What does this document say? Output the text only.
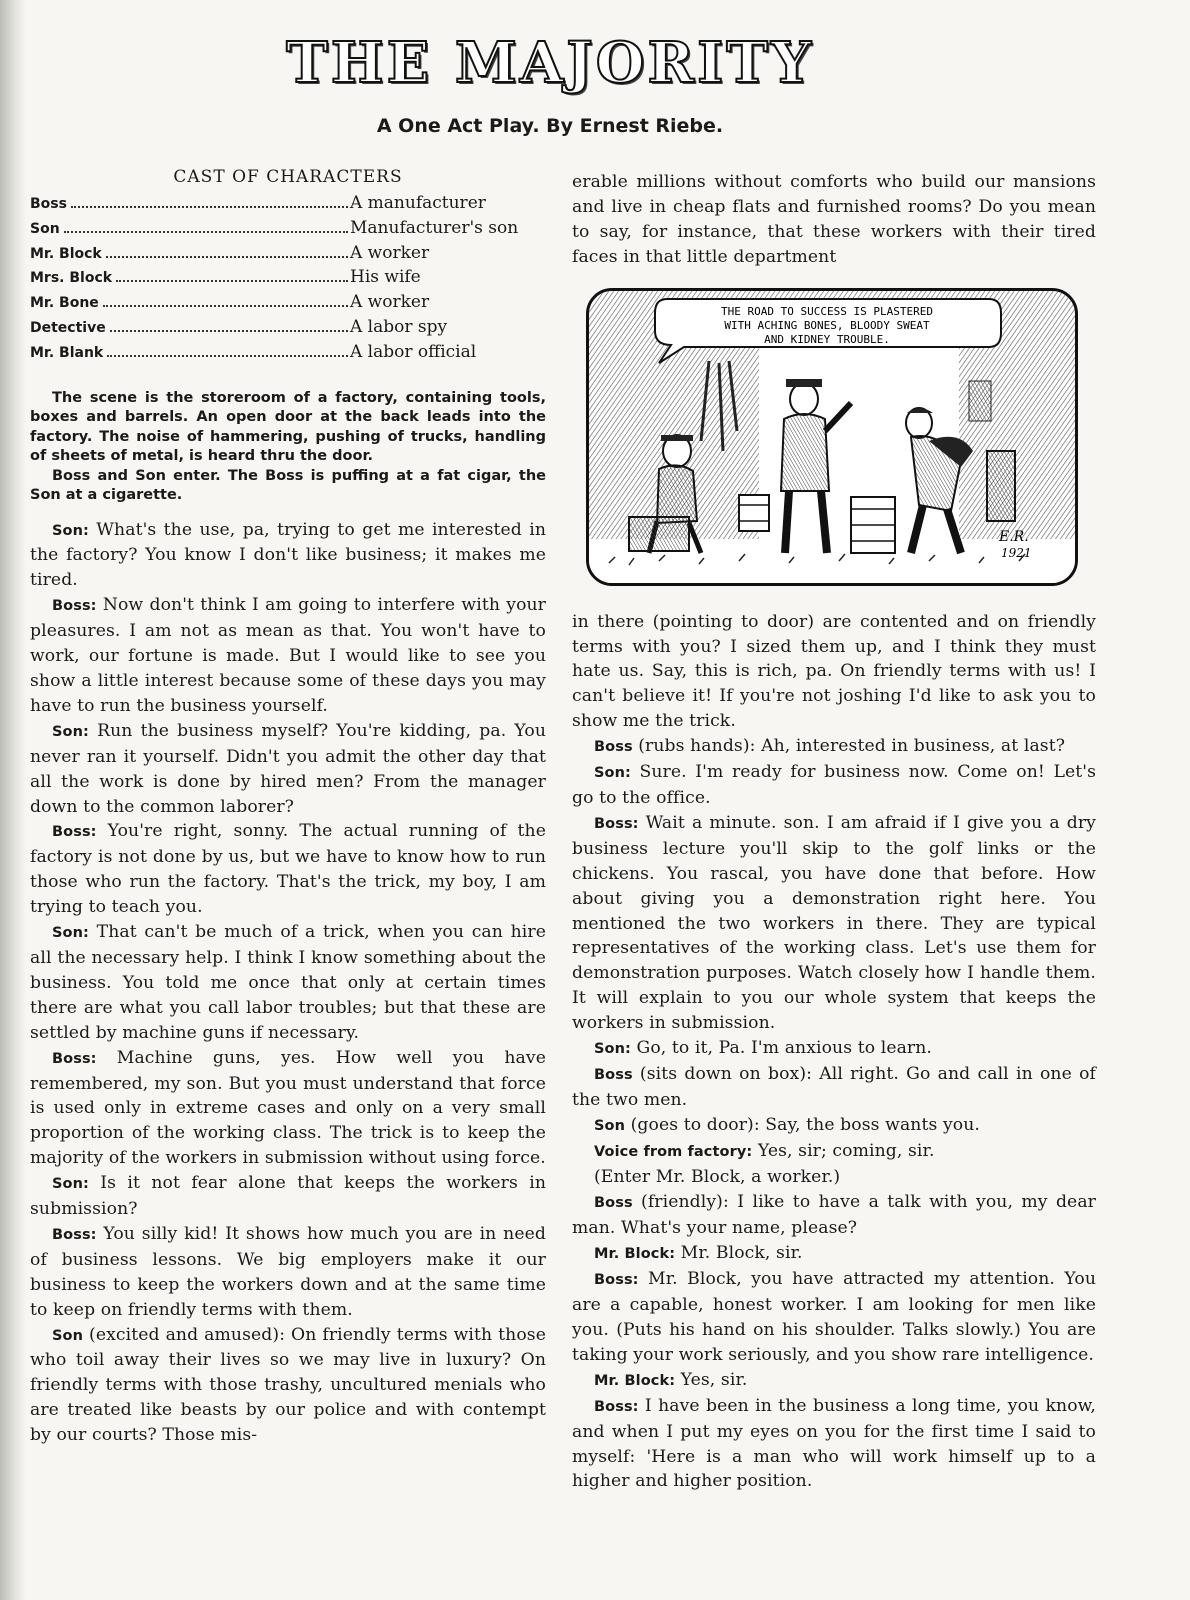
THE MAJORITY
A One Act Play. By Ernest Riebe.
CAST OF CHARACTERS
Boss	A manufacturer
Son	Manufacturer's son
Mr. Block	A worker
Mrs. Block	His wife
Mr. Bone	A worker
Detective	A labor spy
Mr. Blank	A labor official

The scene is the storeroom of a factory, containing tools, boxes and barrels. An open door at the back leads into the factory. The noise of hammering, pushing of trucks, handling of sheets of metal, is heard thru the door.

Boss and Son enter. The Boss is puffing at a fat cigar, the Son at a cigarette.

Son: What's the use, pa, trying to get me interested in the factory? You know I don't like business; it makes me tired.

Boss: Now don't think I am going to interfere with your pleasures. I am not as mean as that. You won't have to work, our fortune is made. But I would like to see you show a little interest because some of these days you may have to run the business yourself.

Son: Run the business myself? You're kidding, pa. You never ran it yourself. Didn't you admit the other day that all the work is done by hired men? From the manager down to the common laborer?

Boss: You're right, sonny. The actual running of the factory is not done by us, but we have to know how to run those who run the factory. That's the trick, my boy, I am trying to teach you.

Son: That can't be much of a trick, when you can hire all the necessary help. I think I know something about the business. You told me once that only at certain times there are what you call labor troubles; but that these are settled by machine guns if necessary.

Boss: Machine guns, yes. How well you have remembered, my son. But you must understand that force is used only in extreme cases and only on a very small proportion of the working class. The trick is to keep the majority of the workers in submission without using force.

Son: Is it not fear alone that keeps the workers in submission?

Boss: You silly kid! It shows how much you are in need of business lessons. We big employers make it our business to keep the workers down and at the same time to keep on friendly terms with them.

Son (excited and amused): On friendly terms with those who toil away their lives so we may live in luxury? On friendly terms with those trashy, uncultured menials who are treated like beasts by our police and with contempt by our courts? Those mis-

erable millions without comforts who build our mansions and live in cheap flats and furnished rooms? Do you mean to say, for instance, that these workers with their tired faces in that little department

THE ROAD TO SUCCESS IS PLASTERED
WITH ACHING BONES, BLOODY SWEAT
AND KIDNEY TROUBLE.
E.R.
1921

in there (pointing to door) are contented and on friendly terms with you? I sized them up, and I think they must hate us. Say, this is rich, pa. On friendly terms with us! I can't believe it! If you're not joshing I'd like to ask you to show me the trick.

Boss (rubs hands): Ah, interested in business, at last?

Son: Sure. I'm ready for business now. Come on! Let's go to the office.

Boss: Wait a minute. son. I am afraid if I give you a dry business lecture you'll skip to the golf links or the chickens. You rascal, you have done that before. How about giving you a demonstration right here. You mentioned the two workers in there. They are typical representatives of the working class. Let's use them for demonstration purposes. Watch closely how I handle them. It will explain to you our whole system that keeps the workers in submission.

Son: Go, to it, Pa. I'm anxious to learn.

Boss (sits down on box): All right. Go and call in one of the two men.

Son (goes to door): Say, the boss wants you.

Voice from factory: Yes, sir; coming, sir.

(Enter Mr. Block, a worker.)

Boss (friendly): I like to have a talk with you, my dear man. What's your name, please?

Mr. Block: Mr. Block, sir.

Boss: Mr. Block, you have attracted my attention. You are a capable, honest worker. I am looking for men like you. (Puts his hand on his shoulder. Talks slowly.) You are taking your work seriously, and you show rare intelligence.

Mr. Block: Yes, sir.

Boss: I have been in the business a long time, you know, and when I put my eyes on you for the first time I said to myself: 'Here is a man who will work himself up to a higher and higher position.
